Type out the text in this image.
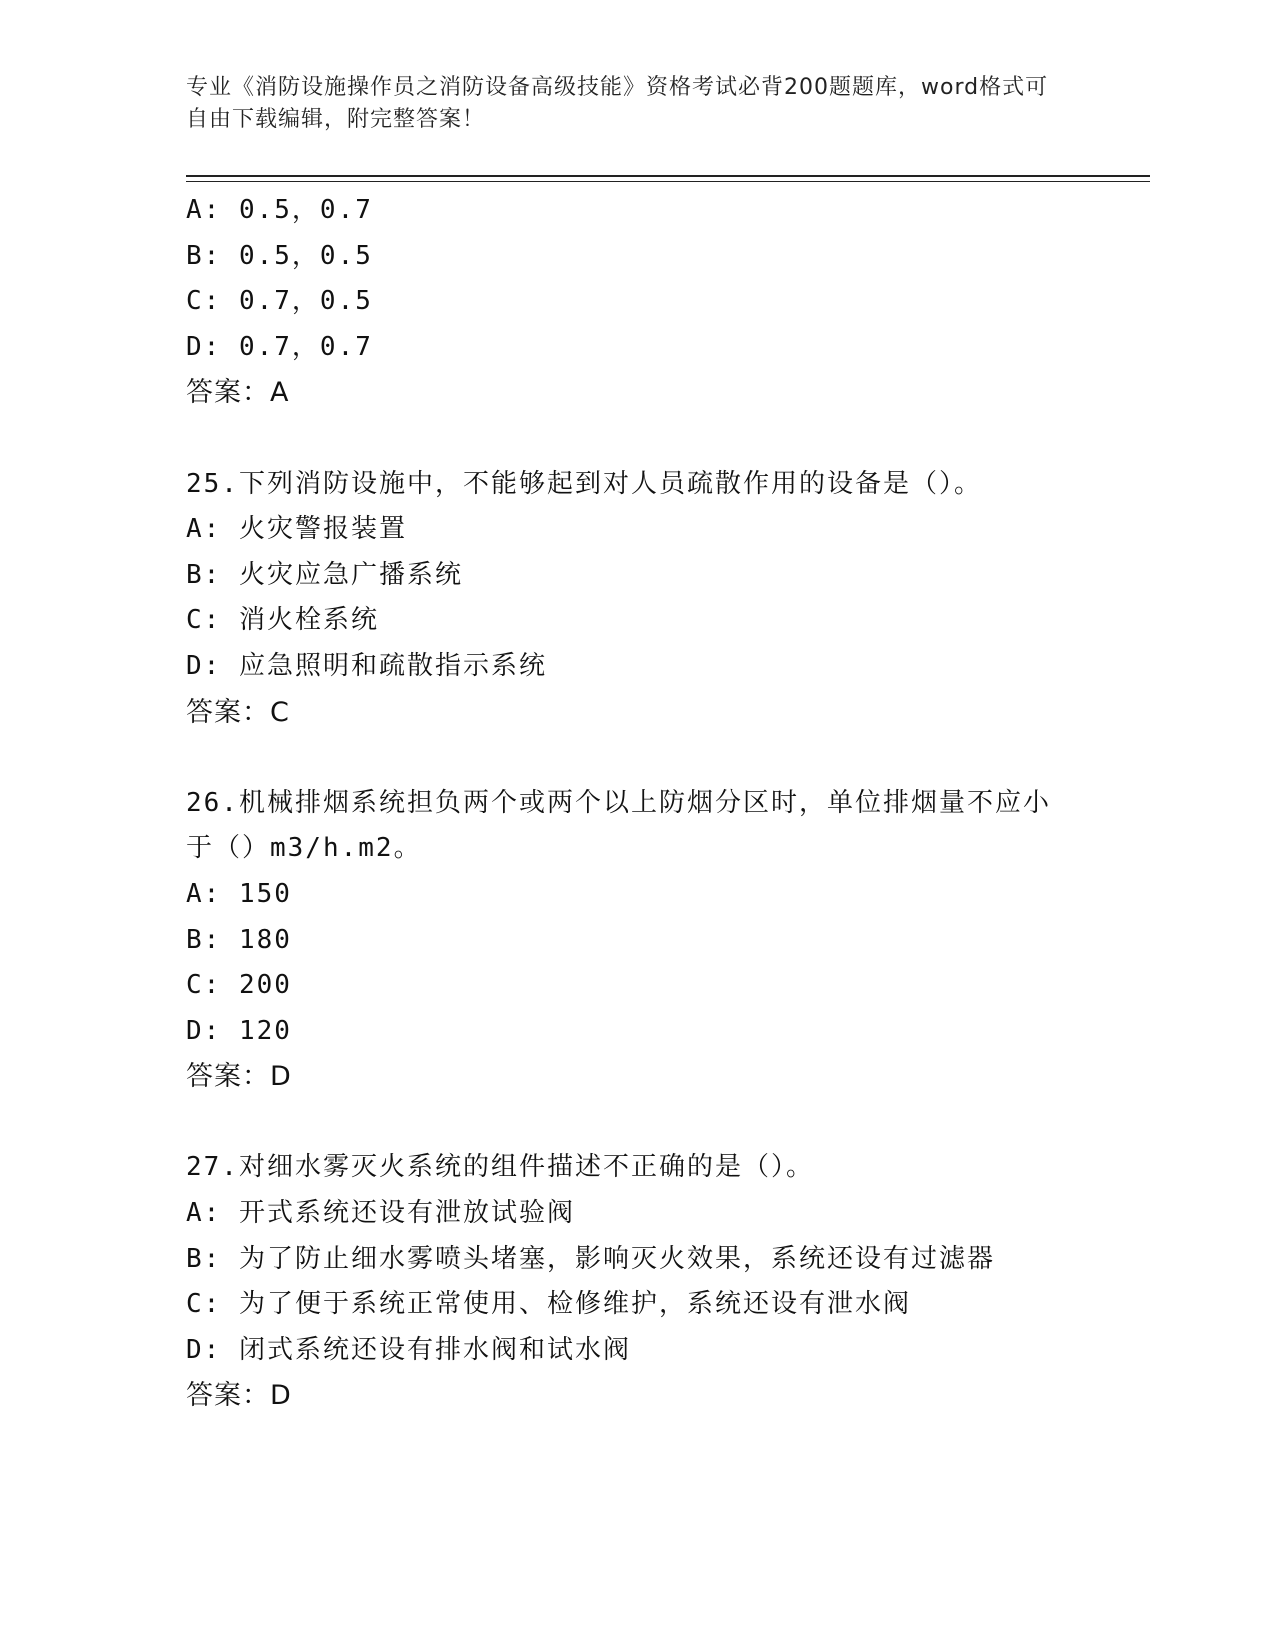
专业《消防设施操作员之消防设备高级技能》资格考试必背200题题库，word格式可自由下载编辑，附完整答案！
A: 0.5，0.7
B: 0.5，0.5
C: 0.7，0.5
D: 0.7，0.7
答案：A
25.下列消防设施中，不能够起到对人员疏散作用的设备是（）。
A: 火灾警报装置
B: 火灾应急广播系统
C: 消火栓系统
D: 应急照明和疏散指示系统
答案：C
26.机械排烟系统担负两个或两个以上防烟分区时，单位排烟量不应小
于（）m3/h.m2。
A: 150
B: 180
C: 200
D: 120
答案：D
27.对细水雾灭火系统的组件描述不正确的是（）。
A: 开式系统还设有泄放试验阀
B: 为了防止细水雾喷头堵塞，影响灭火效果，系统还设有过滤器
C: 为了便于系统正常使用、检修维护，系统还设有泄水阀
D: 闭式系统还设有排水阀和试水阀
答案：D
